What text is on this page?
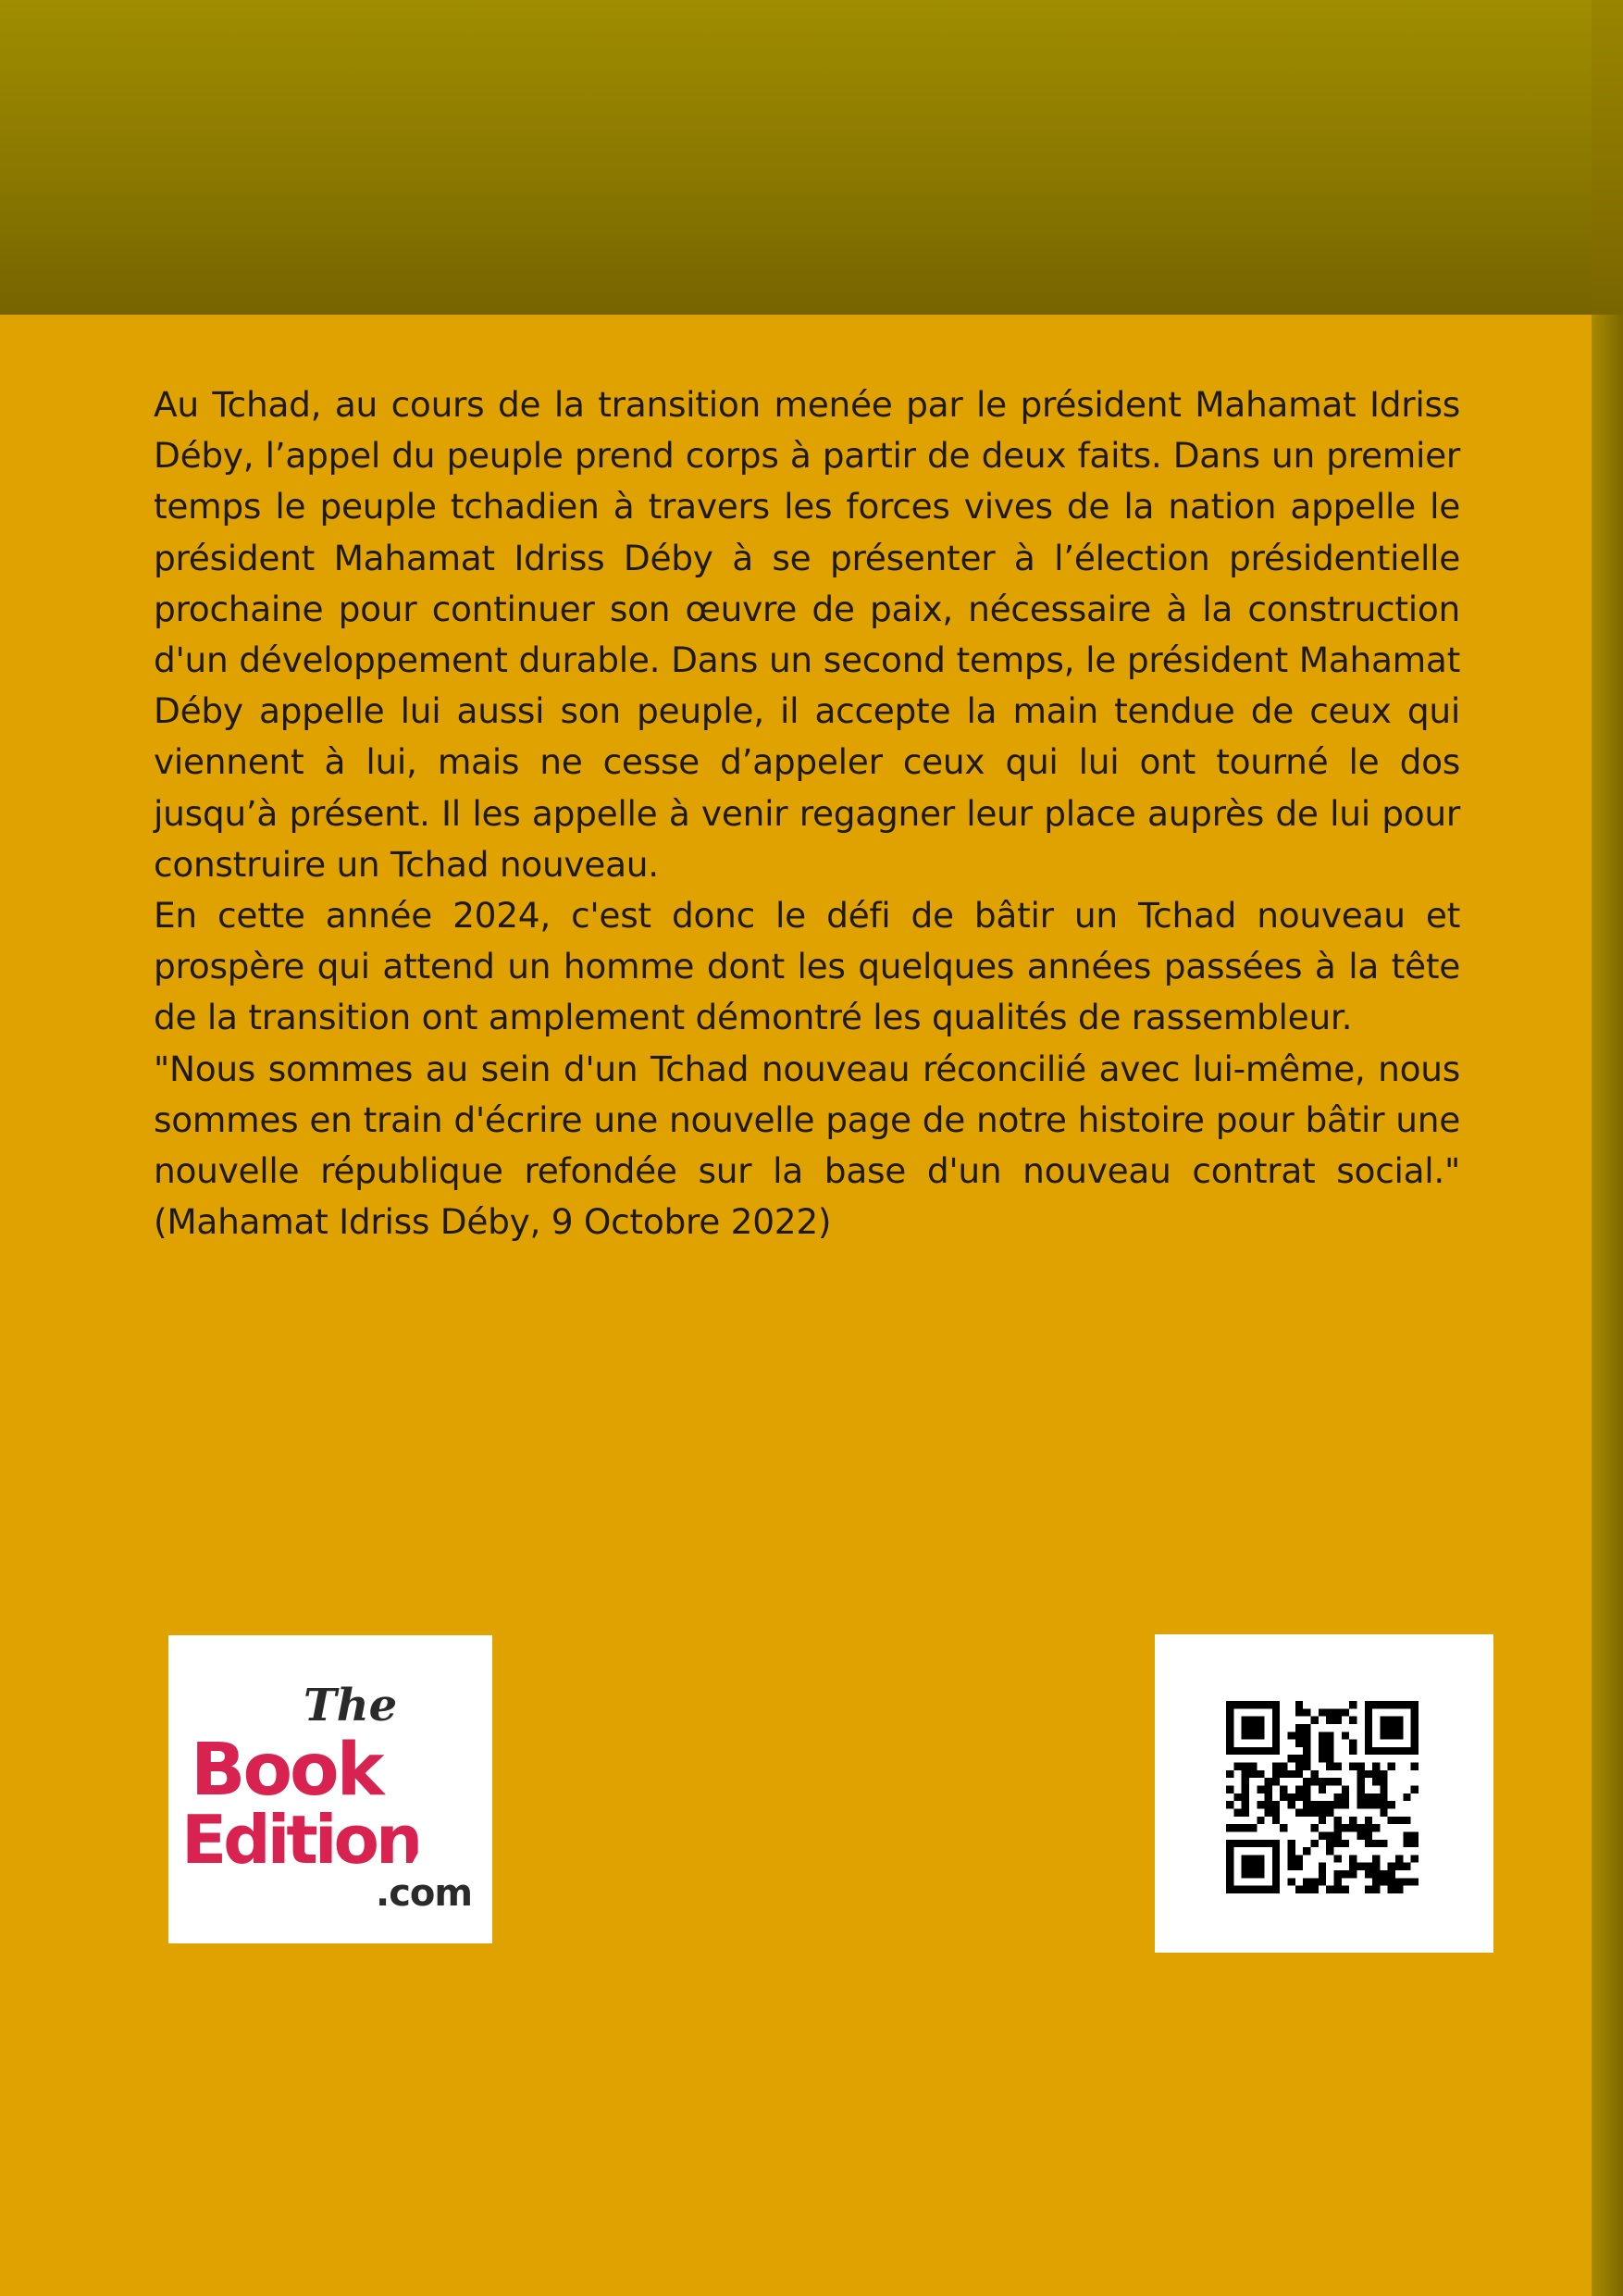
Au Tchad, au cours de la transition menée par le président Mahamat Idriss Déby, l’appel du peuple prend corps à partir de deux faits. Dans un premier temps le peuple tchadien à travers les forces vives de la nation appelle le président Mahamat Idriss Déby à se présenter à l’élection présidentielle prochaine pour continuer son œuvre de paix, nécessaire à la construction d'un développement durable. Dans un second temps, le président Mahamat Déby appelle lui aussi son peuple, il accepte la main tendue de ceux qui viennent à lui, mais ne cesse d’appeler ceux qui lui ont tourné le dos jusqu’à présent. Il les appelle à venir regagner leur place auprès de lui pour construire un Tchad nouveau.

En cette année 2024, c'est donc le défi de bâtir un Tchad nouveau et prospère qui attend un homme dont les quelques années passées à la tête de la transition ont amplement démontré les qualités de rassembleur.

"Nous sommes au sein d'un Tchad nouveau réconcilié avec lui-même, nous sommes en train d'écrire une nouvelle page de notre histoire pour bâtir une nouvelle république refondée sur la base d'un nouveau contrat social." (Mahamat Idriss Déby, 9 Octobre 2022)

The
Book
Edition
.com
